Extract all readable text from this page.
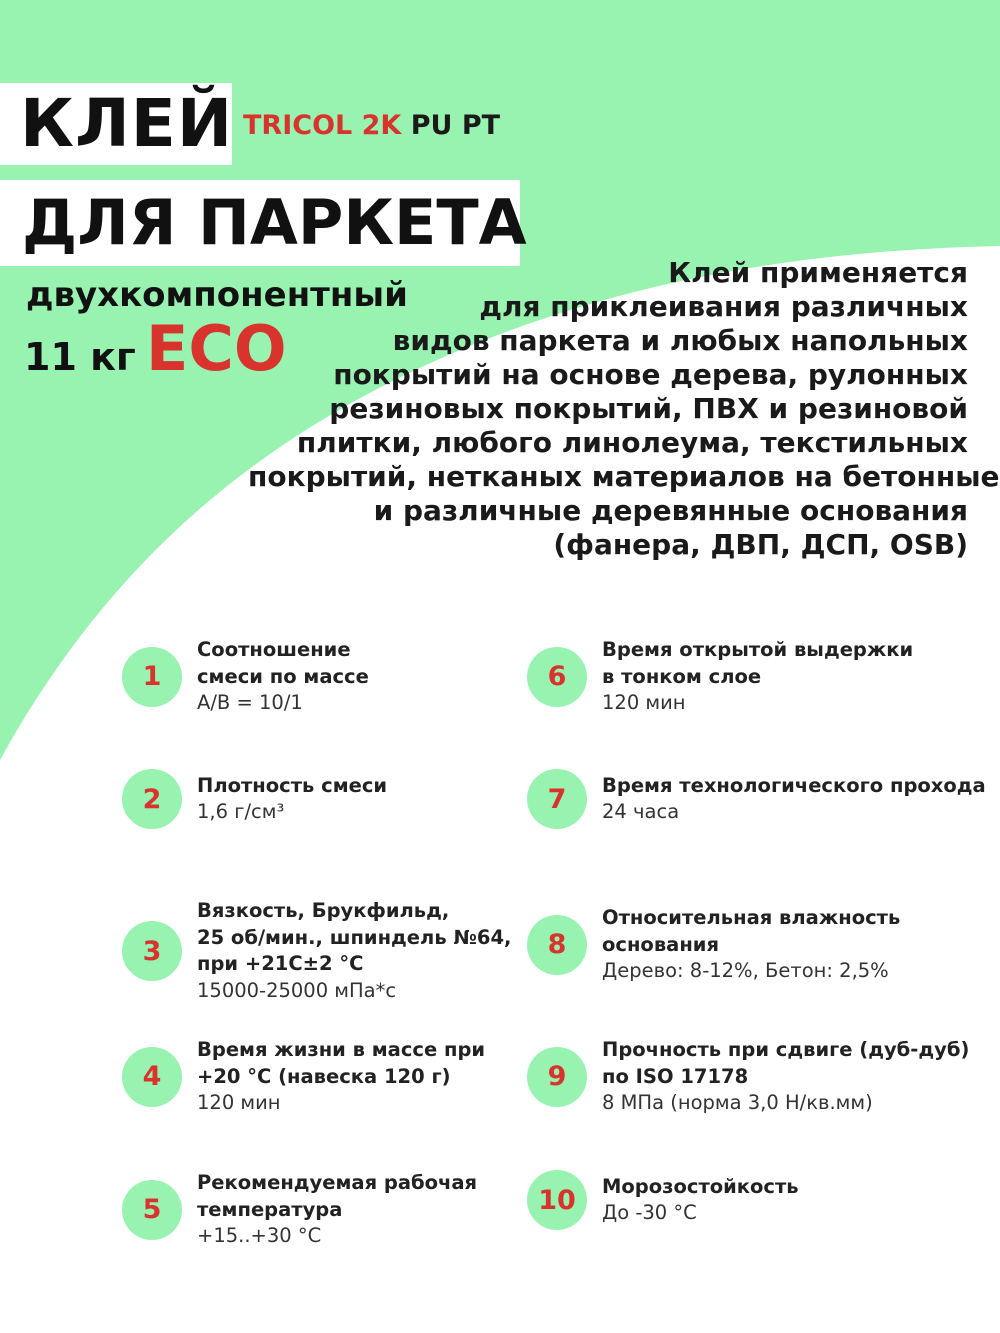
КЛЕЙ TRICOL 2K PU PT
ДЛЯ ПАРКЕТА
двухкомпонентный
11 кг ECO
Клей применяется
для приклеивания различных
видов паркета и любых напольных
покрытий на основе дерева, рулонных
резиновых покрытий, ПВХ и резиновой
плитки, любого линолеума, текстильных
покрытий, нетканых материалов на бетонные
и различные деревянные основания
(фанера, ДВП, ДСП, OSB)
1
Соотношение
смеси по массе
A/B = 10/1
2	Плотность смеси
1,6 г/см³
3
Вязкость, Брукфильд,
25 об/мин., шпиндель №64,
при +21С±2 °С
15000-25000 мПа*с
4
Время жизни в массе при
+20 °С (навеска 120 г)
120 мин
5
Рекомендуемая рабочая
температура
+15..+30 °С
6
Время открытой выдержки
в тонком слое
120 мин
7	Время технологического прохода
24 часа
8
Относительная влажность
основания
Дерево: 8-12%, Бетон: 2,5%
9
Прочность при сдвиге (дуб-дуб)
по ISO 17178
8 МПа (норма 3,0 Н/кв.мм)
10	Морозостойкость
До -30 °С
